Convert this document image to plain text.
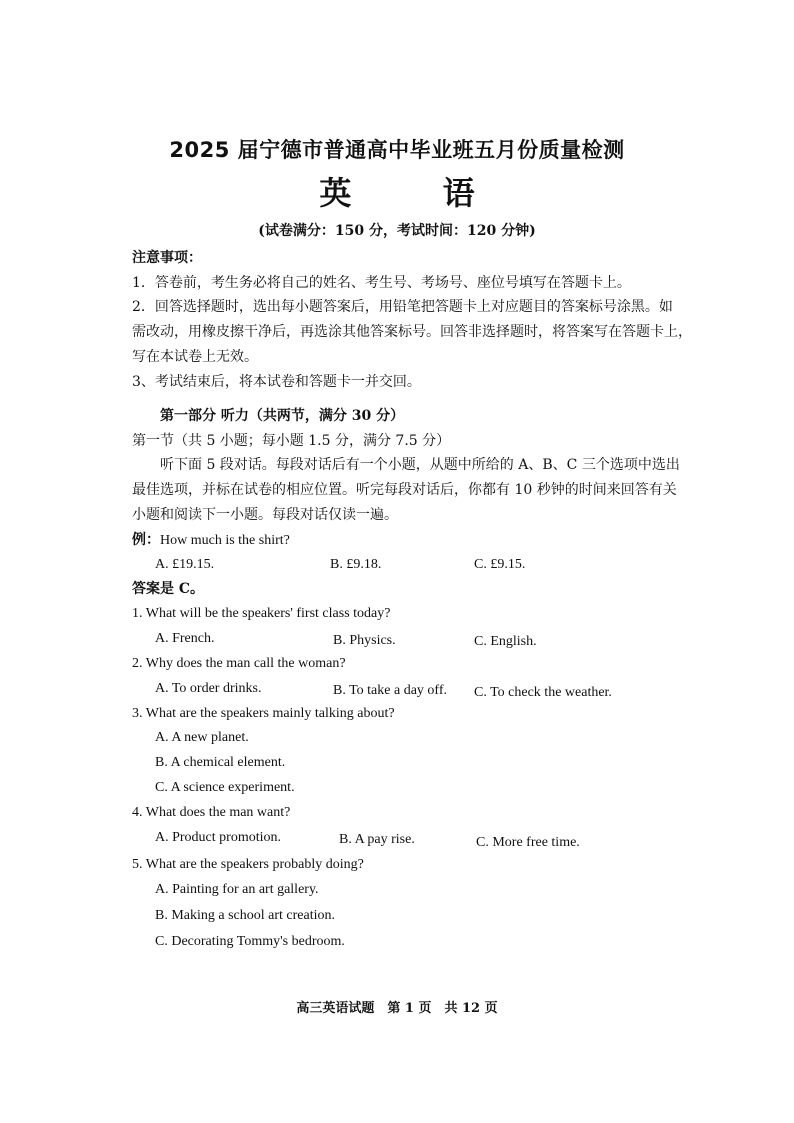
2025 届宁德市普通高中毕业班五月份质量检测
英 语
(试卷满分：150 分，考试时间：120 分钟)
注意事项：
1．答卷前，考生务必将自己的姓名、考生号、考场号、座位号填写在答题卡上。
2．回答选择题时，选出每小题答案后，用铅笔把答题卡上对应题目的答案标号涂黑。如
需改动，用橡皮擦干净后，再选涂其他答案标号。回答非选择题时，将答案写在答题卡上，
写在本试卷上无效。
3、考试结束后，将本试卷和答题卡一并交回。
第一部分 听力（共两节，满分 30 分）
第一节（共 5 小题；每小题 1.5 分，满分 7.5 分）
听下面 5 段对话。每段对话后有一个小题，从题中所给的 A、B、C 三个选项中选出
最佳选项，并标在试卷的相应位置。听完每段对话后，你都有 10 秒钟的时间来回答有关
小题和阅读下一小题。每段对话仅读一遍。
例：How much is the shirt?
A. £19.15.	B. £9.18.	C. £9.15.
答案是 C。
1. What will be the speakers' first class today?
A. French.	B. Physics.	C. English.
2. Why does the man call the woman?
A. To order drinks.	B. To take a day off. C. To check the weather.
3. What are the speakers mainly talking about?
A. A new planet.
B. A chemical element.
C. A science experiment.
4. What does the man want?
A. Product promotion.	B. A pay rise.	C. More free time.
5. What are the speakers probably doing?
A. Painting for an art gallery.
B. Making a school art creation.
C. Decorating Tommy's bedroom.
高三英语试题　第 1 页　共 12 页
